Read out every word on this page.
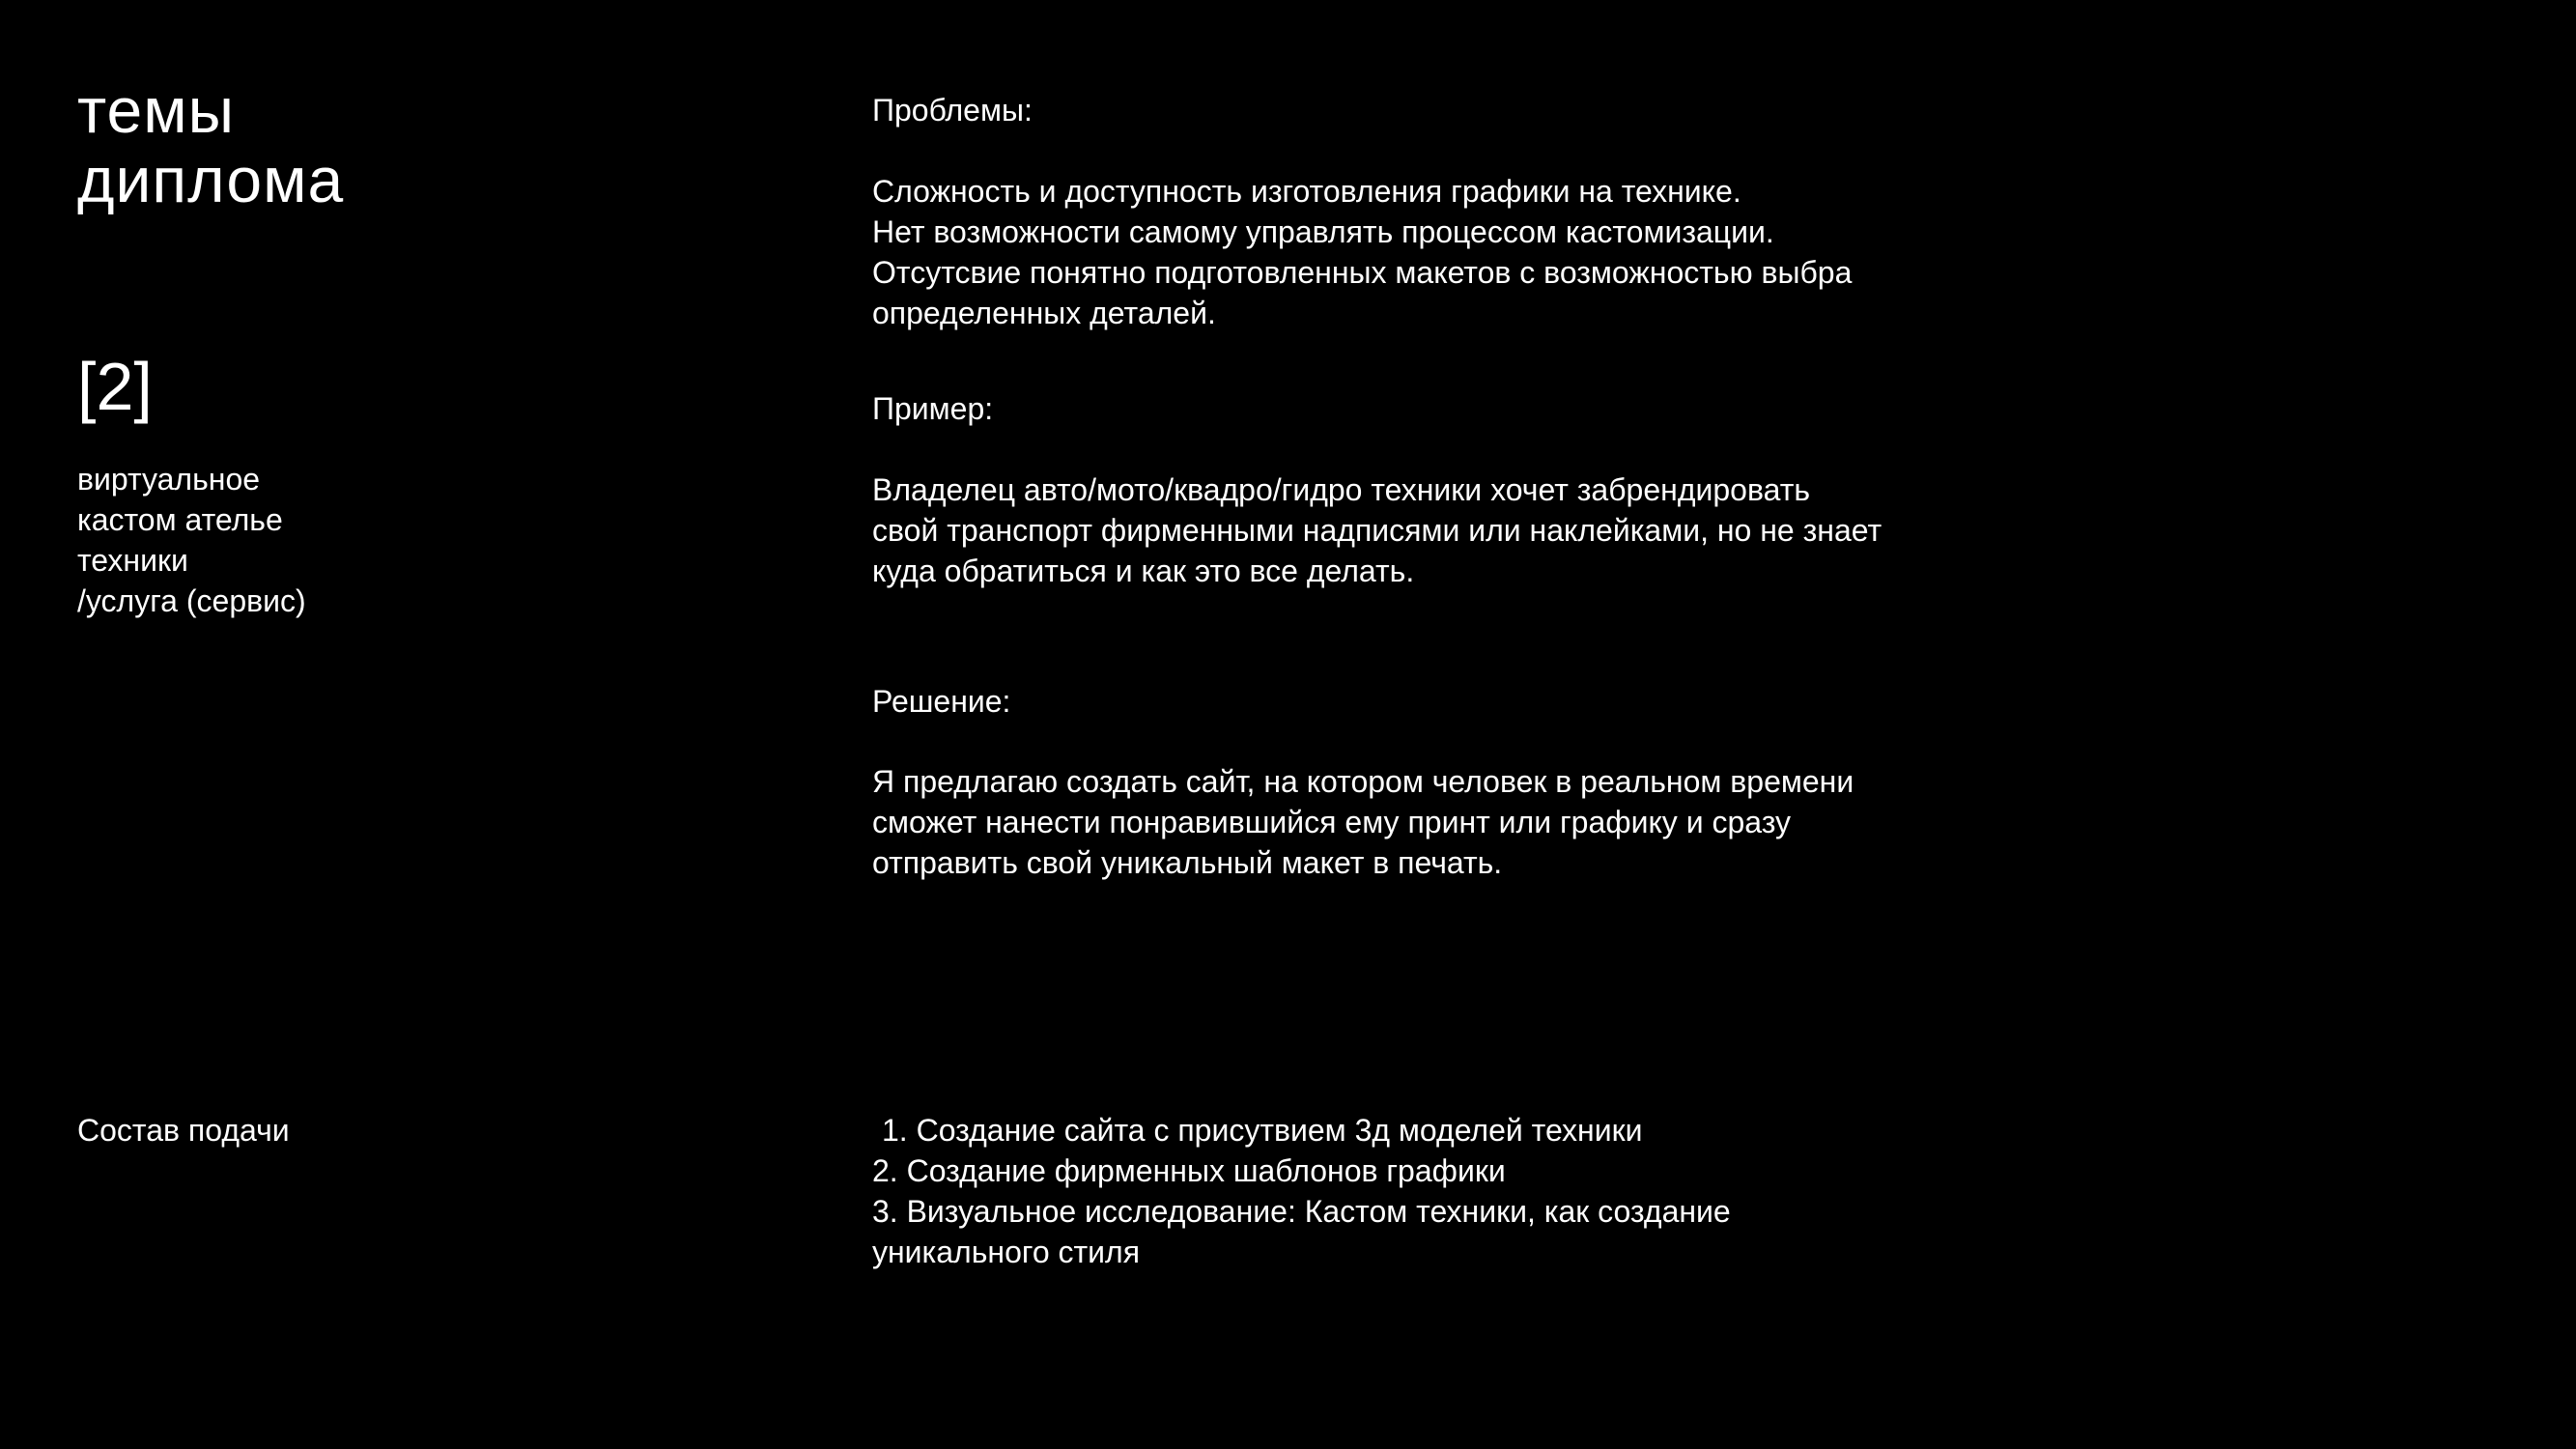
темы
диплома
[2]
виртуальное
кастом ателье
техники
/услуга (сервис)
Состав подачи
Проблемы:
Сложность и доступность изготовления графики на технике.
Нет возможности самому управлять процессом кастомизации.
Отсутсвие понятно подготовленных макетов с возможностью выбра
определенных деталей.
Пример:
Владелец авто/мото/квадро/гидро техники хочет забрендировать
свой транспорт фирменными надписями или наклейками, но не знает
куда обратиться и как это все делать.
Решение:
Я предлагаю создать сайт, на котором человек в реальном времени
сможет нанести понравившийся ему принт или графику и сразу
отправить свой уникальный макет в печать.
1. Создание сайта с присутвием 3д моделей техники
2. Создание фирменных шаблонов графики
3. Визуальное исследование: Кастом техники, как создание
уникального стиля
